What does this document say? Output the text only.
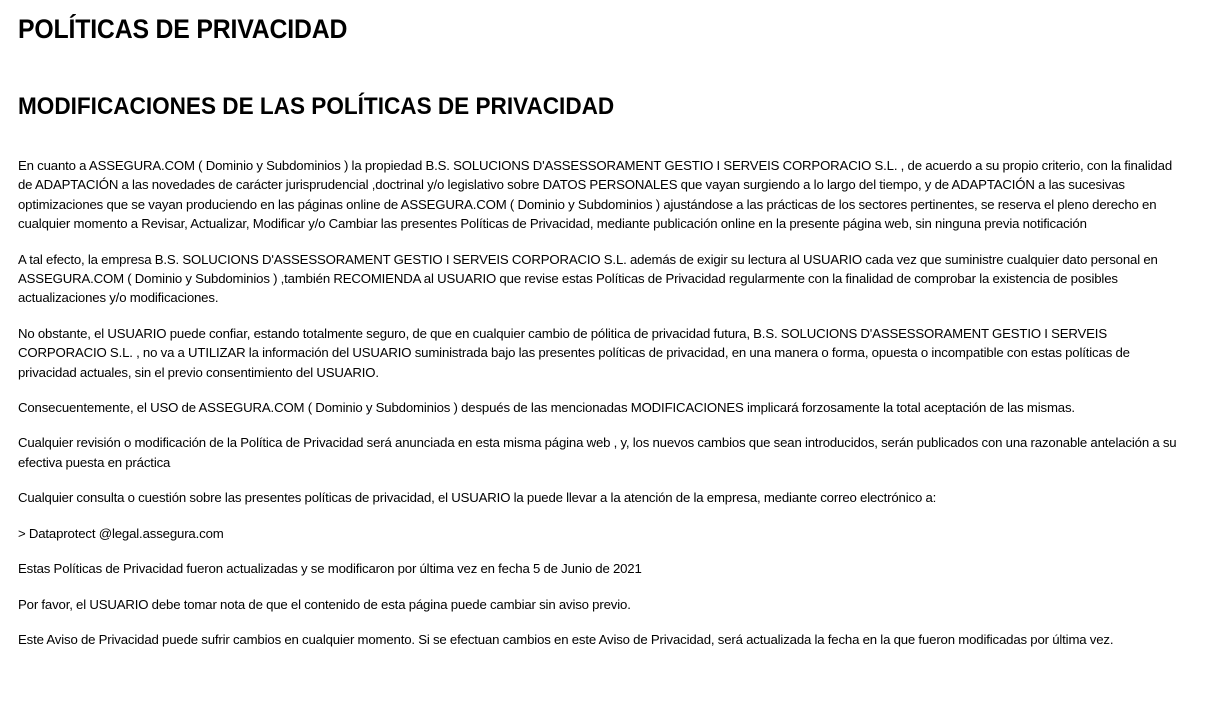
POLÍTICAS DE PRIVACIDAD
MODIFICACIONES DE LAS POLÍTICAS DE PRIVACIDAD

En cuanto a ASSEGURA.COM ( Dominio y Subdominios ) la propiedad B.S. SOLUCIONS D'ASSESSORAMENT GESTIO I SERVEIS CORPORACIO S.L. , de acuerdo a su propio criterio, con la finalidad de ADAPTACIÓN a las novedades de carácter jurisprudencial ,doctrinal y/o legislativo sobre DATOS PERSONALES que vayan surgiendo a lo largo del tiempo, y de ADAPTACIÓN a las sucesivas optimizaciones que se vayan produciendo en las páginas online de ASSEGURA.COM ( Dominio y Subdominios ) ajustándose a las prácticas de los sectores pertinentes, se reserva el pleno derecho en cualquier momento a Revisar, Actualizar, Modificar y/o Cambiar las presentes Políticas de Privacidad, mediante publicación online en la presente página web, sin ninguna previa notificación

A tal efecto, la empresa B.S. SOLUCIONS D'ASSESSORAMENT GESTIO I SERVEIS CORPORACIO S.L. además de exigir su lectura al USUARIO cada vez que suministre cualquier dato personal en ASSEGURA.COM ( Dominio y Subdominios ) ,también RECOMIENDA al USUARIO que revise estas Políticas de Privacidad regularmente con la finalidad de comprobar la existencia de posibles actualizaciones y/o modificaciones.

No obstante, el USUARIO puede confiar, estando totalmente seguro, de que en cualquier cambio de pólitica de privacidad futura, B.S. SOLUCIONS D'ASSESSORAMENT GESTIO I SERVEIS CORPORACIO S.L. , no va a UTILIZAR la información del USUARIO suministrada bajo las presentes políticas de privacidad, en una manera o forma, opuesta o incompatible con estas políticas de privacidad actuales, sin el previo consentimiento del USUARIO.

Consecuentemente, el USO de ASSEGURA.COM ( Dominio y Subdominios ) después de las mencionadas MODIFICACIONES implicará forzosamente la total aceptación de las mismas.

Cualquier revisión o modificación de la Política de Privacidad será anunciada en esta misma página web , y, los nuevos cambios que sean introducidos, serán publicados con una razonable antelación a su efectiva puesta en práctica

Cualquier consulta o cuestión sobre las presentes políticas de privacidad, el USUARIO la puede llevar a la atención de la empresa, mediante correo electrónico a:

> Dataprotect @legal.assegura.com

Estas Políticas de Privacidad fueron actualizadas y se modificaron por última vez en fecha 5 de Junio de 2021

Por favor, el USUARIO debe tomar nota de que el contenido de esta página puede cambiar sin aviso previo.

Este Aviso de Privacidad puede sufrir cambios en cualquier momento. Si se efectuan cambios en este Aviso de Privacidad, será actualizada la fecha en la que fueron modificadas por última vez.
